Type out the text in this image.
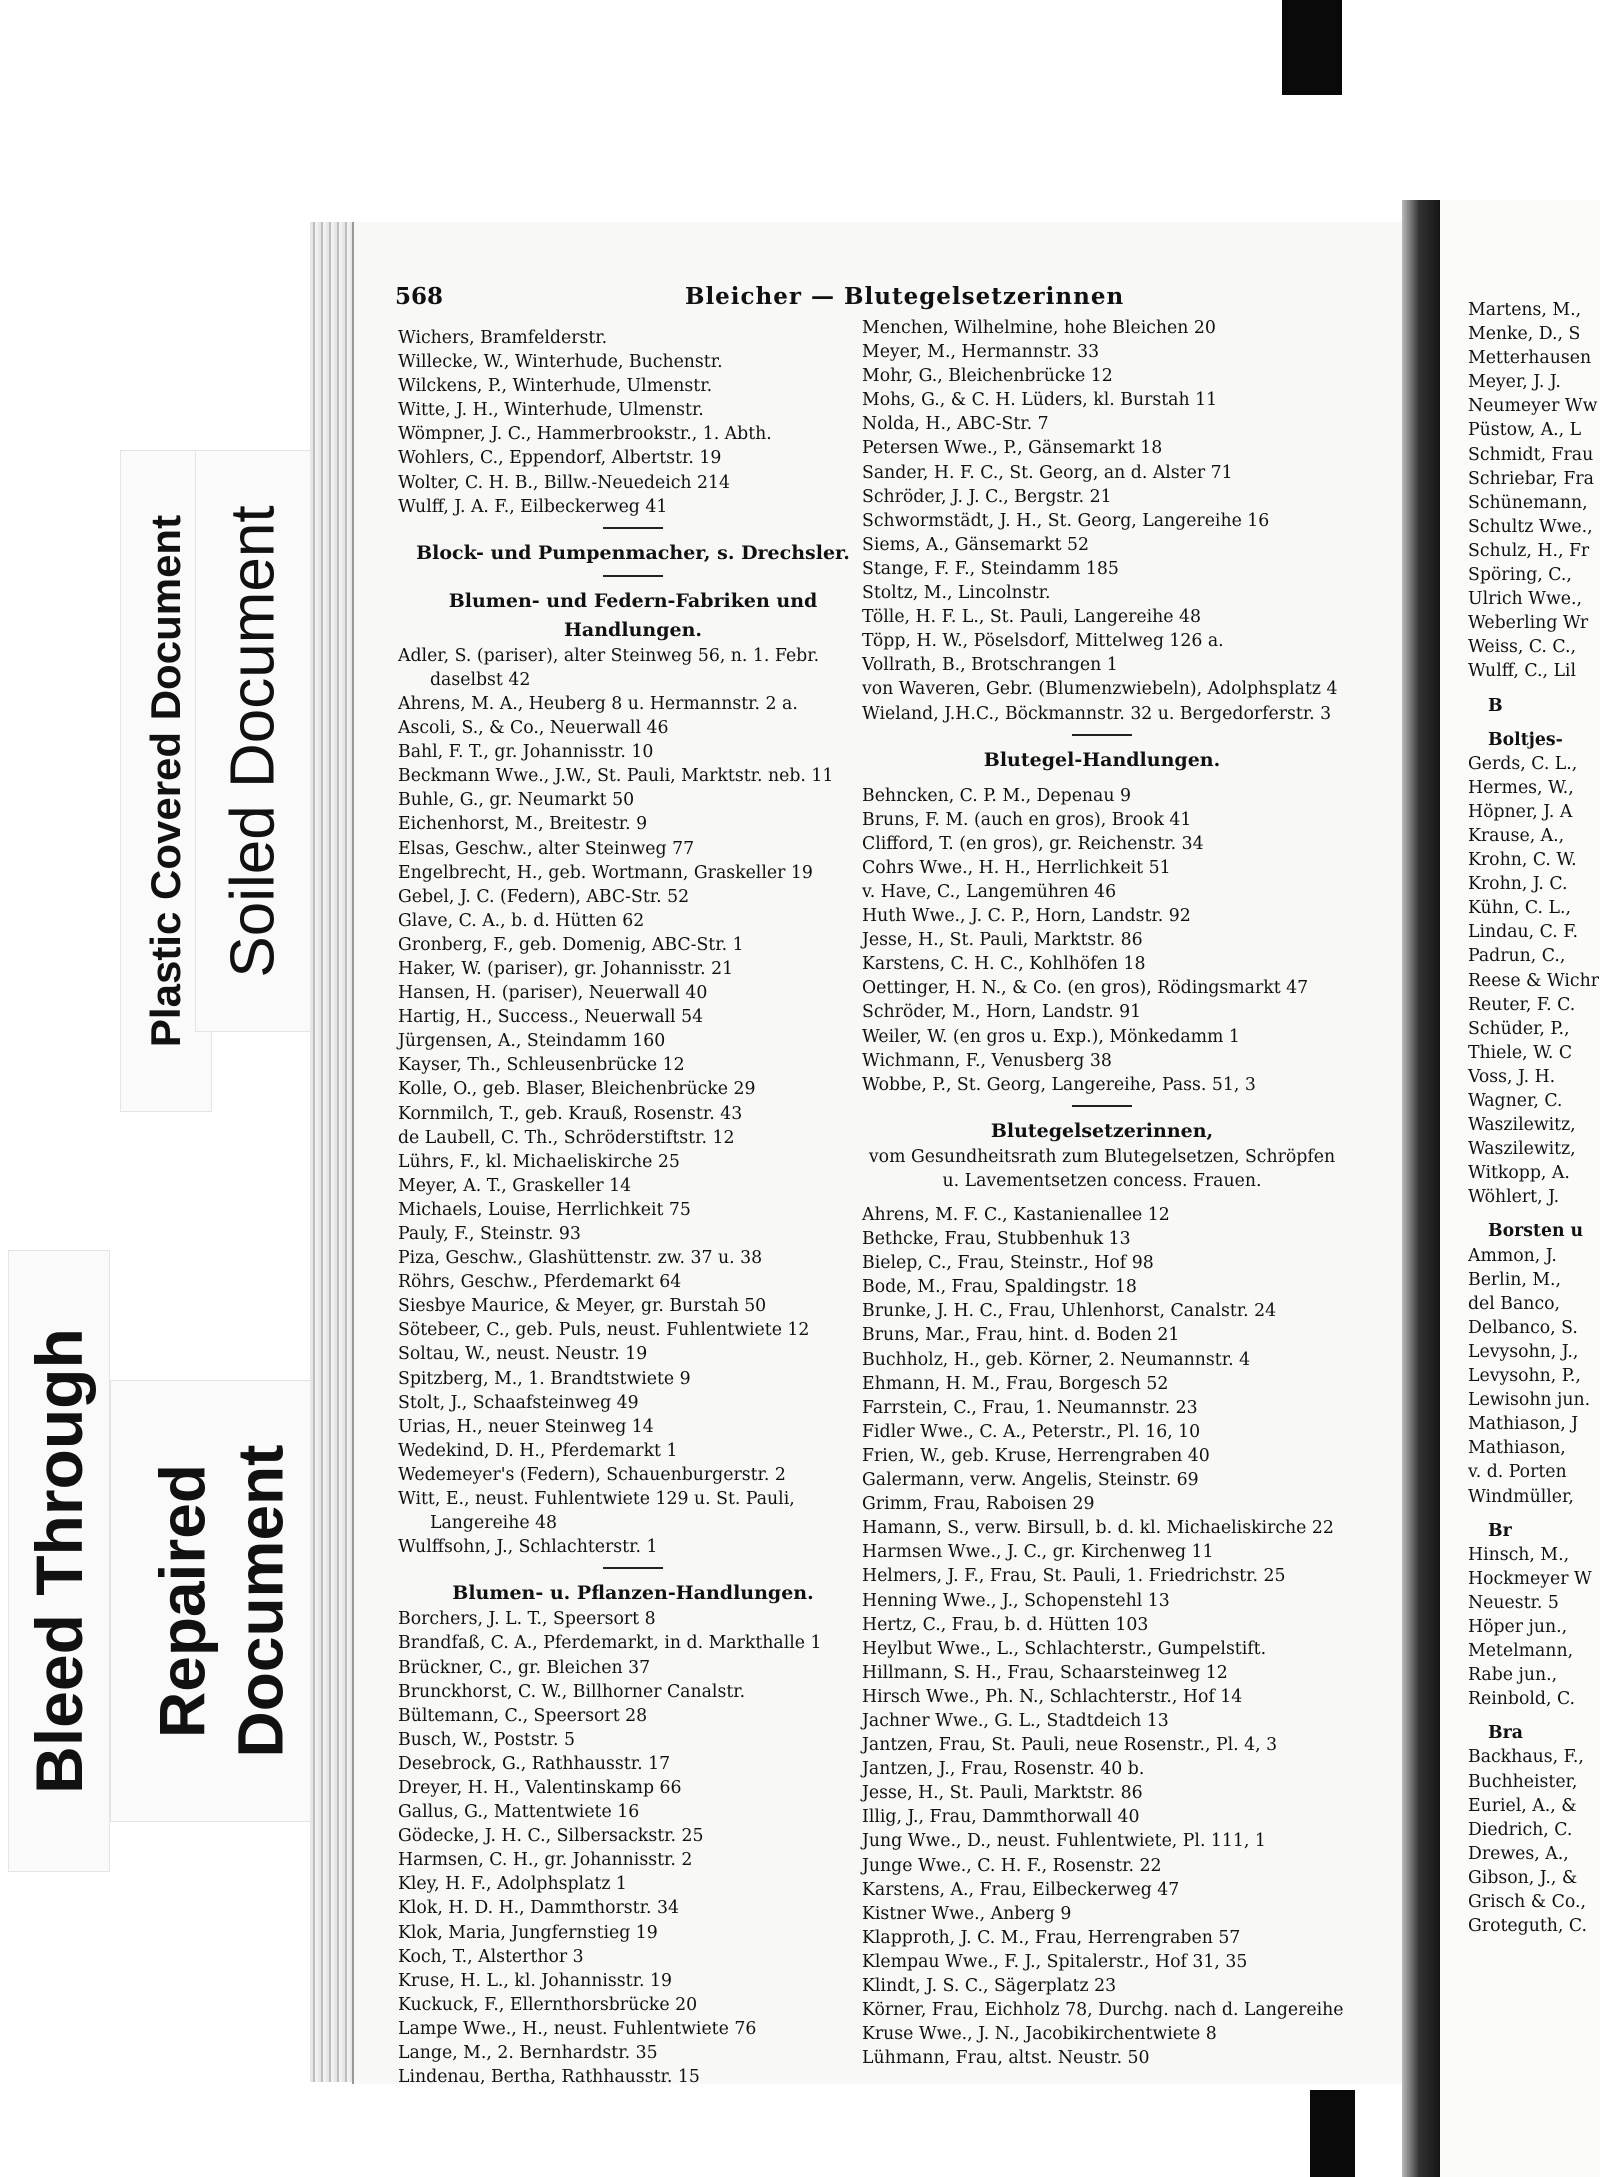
Plastic Covered Document Soiled Document
Bleed Through Repaired Document
568	Bleicher — Blutegelsetzerinnen
Wichers, Bramfelderstr.
Willecke, W., Winterhude, Buchenstr.
Wilckens, P., Winterhude, Ulmenstr.
Witte, J. H., Winterhude, Ulmenstr.
Wömpner, J. C., Hammerbrookstr., 1. Abth.
Wohlers, C., Eppendorf, Albertstr. 19
Wolter, C. H. B., Billw.-Neuedeich 214
Wulff, J. A. F., Eilbeckerweg 41
Block- und Pumpenmacher, s. Drechsler.
Blumen- und Federn-Fabriken und
Handlungen.
Adler, S. (pariser), alter Steinweg 56, n. 1. Febr.
daselbst 42
Ahrens, M. A., Heuberg 8 u. Hermannstr. 2 a.
Ascoli, S., & Co., Neuerwall 46
Bahl, F. T., gr. Johannisstr. 10
Beckmann Wwe., J.W., St. Pauli, Marktstr. neb. 11
Buhle, G., gr. Neumarkt 50
Eichenhorst, M., Breitestr. 9
Elsas, Geschw., alter Steinweg 77
Engelbrecht, H., geb. Wortmann, Graskeller 19
Gebel, J. C. (Federn), ABC-Str. 52
Glave, C. A., b. d. Hütten 62
Gronberg, F., geb. Domenig, ABC-Str. 1
Haker, W. (pariser), gr. Johannisstr. 21
Hansen, H. (pariser), Neuerwall 40
Hartig, H., Success., Neuerwall 54
Jürgensen, A., Steindamm 160
Kayser, Th., Schleusenbrücke 12
Kolle, O., geb. Blaser, Bleichenbrücke 29
Kornmilch, T., geb. Krauß, Rosenstr. 43
de Laubell, C. Th., Schröderstiftstr. 12
Lührs, F., kl. Michaeliskirche 25
Meyer, A. T., Graskeller 14
Michaels, Louise, Herrlichkeit 75
Pauly, F., Steinstr. 93
Piza, Geschw., Glashüttenstr. zw. 37 u. 38
Röhrs, Geschw., Pferdemarkt 64
Siesbye Maurice, & Meyer, gr. Burstah 50
Sötebeer, C., geb. Puls, neust. Fuhlentwiete 12
Soltau, W., neust. Neustr. 19
Spitzberg, M., 1. Brandtstwiete 9
Stolt, J., Schaafsteinweg 49
Urias, H., neuer Steinweg 14
Wedekind, D. H., Pferdemarkt 1
Wedemeyer's (Federn), Schauenburgerstr. 2
Witt, E., neust. Fuhlentwiete 129 u. St. Pauli,
Langereihe 48
Wulffsohn, J., Schlachterstr. 1
Blumen- u. Pflanzen-Handlungen.
Borchers, J. L. T., Speersort 8
Brandfaß, C. A., Pferdemarkt, in d. Markthalle 1
Brückner, C., gr. Bleichen 37
Brunckhorst, C. W., Billhorner Canalstr.
Bültemann, C., Speersort 28
Busch, W., Poststr. 5
Desebrock, G., Rathhausstr. 17
Dreyer, H. H., Valentinskamp 66
Gallus, G., Mattentwiete 16
Gödecke, J. H. C., Silbersackstr. 25
Harmsen, C. H., gr. Johannisstr. 2
Kley, H. F., Adolphsplatz 1
Klok, H. D. H., Dammthorstr. 34
Klok, Maria, Jungfernstieg 19
Koch, T., Alsterthor 3
Kruse, H. L., kl. Johannisstr. 19
Kuckuck, F., Ellernthorsbrücke 20
Lampe Wwe., H., neust. Fuhlentwiete 76
Lange, M., 2. Bernhardstr. 35
Lindenau, Bertha, Rathhausstr. 15
Menchen, Wilhelmine, hohe Bleichen 20
Meyer, M., Hermannstr. 33
Mohr, G., Bleichenbrücke 12
Mohs, G., & C. H. Lüders, kl. Burstah 11
Nolda, H., ABC-Str. 7
Petersen Wwe., P., Gänsemarkt 18
Sander, H. F. C., St. Georg, an d. Alster 71
Schröder, J. J. C., Bergstr. 21
Schwormstädt, J. H., St. Georg, Langereihe 16
Siems, A., Gänsemarkt 52
Stange, F. F., Steindamm 185
Stoltz, M., Lincolnstr.
Tölle, H. F. L., St. Pauli, Langereihe 48
Töpp, H. W., Pöselsdorf, Mittelweg 126 a.
Vollrath, B., Brotschrangen 1
von Waveren, Gebr. (Blumenzwiebeln), Adolphsplatz 4
Wieland, J.H.C., Böckmannstr. 32 u. Bergedorferstr. 3
Blutegel-Handlungen.
Behncken, C. P. M., Depenau 9
Bruns, F. M. (auch en gros), Brook 41
Clifford, T. (en gros), gr. Reichenstr. 34
Cohrs Wwe., H. H., Herrlichkeit 51
v. Have, C., Langemühren 46
Huth Wwe., J. C. P., Horn, Landstr. 92
Jesse, H., St. Pauli, Marktstr. 86
Karstens, C. H. C., Kohlhöfen 18
Oettinger, H. N., & Co. (en gros), Rödingsmarkt 47
Schröder, M., Horn, Landstr. 91
Weiler, W. (en gros u. Exp.), Mönkedamm 1
Wichmann, F., Venusberg 38
Wobbe, P., St. Georg, Langereihe, Pass. 51, 3
Blutegelsetzerinnen,
vom Gesundheitsrath zum Blutegelsetzen, Schröpfen
u. Lavementsetzen concess. Frauen.
Ahrens, M. F. C., Kastanienallee 12
Bethcke, Frau, Stubbenhuk 13
Bielep, C., Frau, Steinstr., Hof 98
Bode, M., Frau, Spaldingstr. 18
Brunke, J. H. C., Frau, Uhlenhorst, Canalstr. 24
Bruns, Mar., Frau, hint. d. Boden 21
Buchholz, H., geb. Körner, 2. Neumannstr. 4
Ehmann, H. M., Frau, Borgesch 52
Farrstein, C., Frau, 1. Neumannstr. 23
Fidler Wwe., C. A., Peterstr., Pl. 16, 10
Frien, W., geb. Kruse, Herrengraben 40
Galermann, verw. Angelis, Steinstr. 69
Grimm, Frau, Raboisen 29
Hamann, S., verw. Birsull, b. d. kl. Michaeliskirche 22
Harmsen Wwe., J. C., gr. Kirchenweg 11
Helmers, J. F., Frau, St. Pauli, 1. Friedrichstr. 25
Henning Wwe., J., Schopenstehl 13
Hertz, C., Frau, b. d. Hütten 103
Heylbut Wwe., L., Schlachterstr., Gumpelstift.
Hillmann, S. H., Frau, Schaarsteinweg 12
Hirsch Wwe., Ph. N., Schlachterstr., Hof 14
Jachner Wwe., G. L., Stadtdeich 13
Jantzen, Frau, St. Pauli, neue Rosenstr., Pl. 4, 3
Jantzen, J., Frau, Rosenstr. 40 b.
Jesse, H., St. Pauli, Marktstr. 86
Illig, J., Frau, Dammthorwall 40
Jung Wwe., D., neust. Fuhlentwiete, Pl. 111, 1
Junge Wwe., C. H. F., Rosenstr. 22
Karstens, A., Frau, Eilbeckerweg 47
Kistner Wwe., Anberg 9
Klapproth, J. C. M., Frau, Herrengraben 57
Klempau Wwe., F. J., Spitalerstr., Hof 31, 35
Klindt, J. S. C., Sägerplatz 23
Körner, Frau, Eichholz 78, Durchg. nach d. Langereihe
Kruse Wwe., J. N., Jacobikirchentwiete 8
Lühmann, Frau, altst. Neustr. 50
Martens, M.,
Menke, D., S
Metterhausen
Meyer, J. J.
Neumeyer Ww
Püstow, A., L
Schmidt, Frau
Schriebar, Fra
Schünemann,
Schultz Wwe.,
Schulz, H., Fr
Spöring, C.,
Ulrich Wwe.,
Weberling Wr
Weiss, C. C.,
Wulff, C., Lil
B
Boltjes-
Gerds, C. L.,
Hermes, W.,
Höpner, J. A
Krause, A.,
Krohn, C. W.
Krohn, J. C.
Kühn, C. L.,
Lindau, C. F.
Padrun, C.,
Reese & Wichr
Reuter, F. C.
Schüder, P.,
Thiele, W. C
Voss, J. H.
Wagner, C.
Waszilewitz,
Waszilewitz,
Witkopp, A.
Wöhlert, J.
Borsten u
Ammon, J.
Berlin, M.,
del Banco,
Delbanco, S.
Levysohn, J.,
Levysohn, P.,
Lewisohn jun.
Mathiason, J
Mathiason,
v. d. Porten
Windmüller,
Br
Hinsch, M.,
Hockmeyer W
Neuestr. 5
Höper jun.,
Metelmann,
Rabe jun.,
Reinbold, C.
Bra
Backhaus, F.,
Buchheister,
Euriel, A., &
Diedrich, C.
Drewes, A.,
Gibson, J., &
Grisch & Co.,
Groteguth, C.
